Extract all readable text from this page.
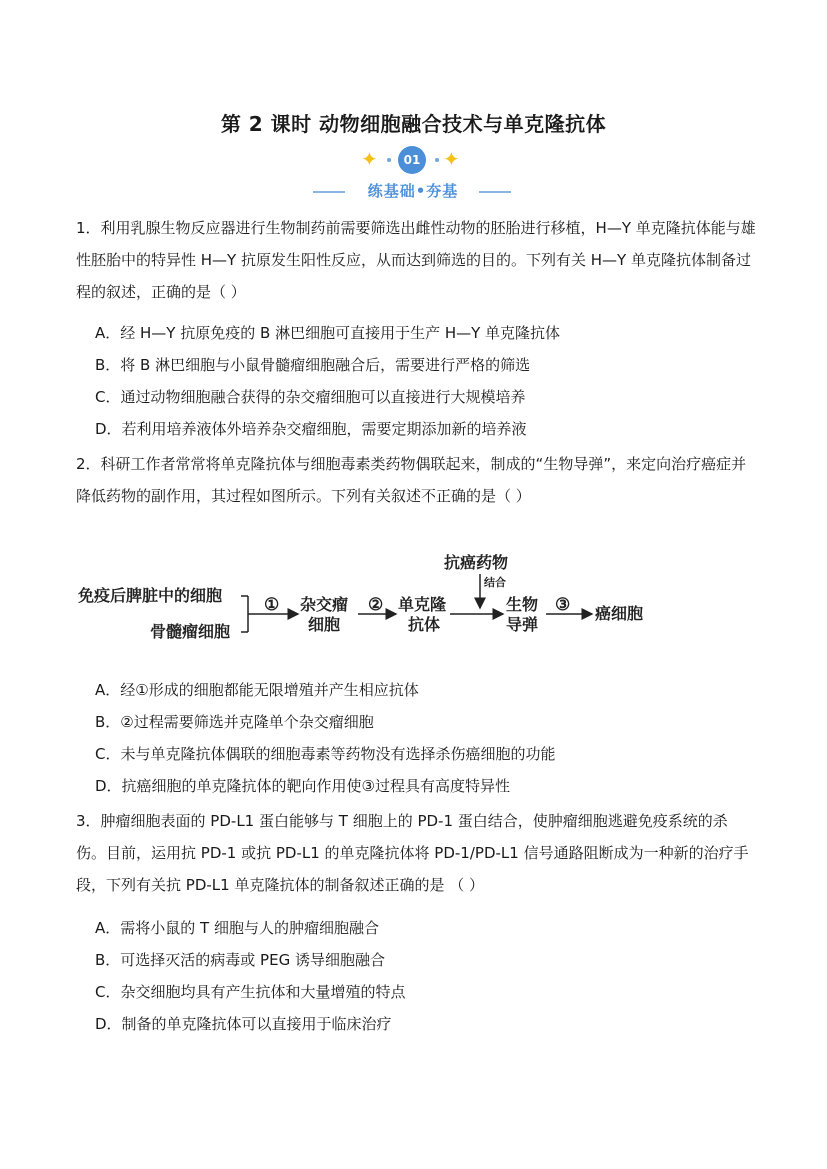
第 2 课时 动物细胞融合技术与单克隆抗体
✦	01 ✦
练基础•夯基
1．利用乳腺生物反应器进行生物制药前需要筛选出雌性动物的胚胎进行移植，H—Y 单克隆抗体能与雄性胚胎中的特异性 H—Y 抗原发生阳性反应，从而达到筛选的目的。下列有关 H—Y 单克隆抗体制备过程的叙述，正确的是（ ）
A．经 H—Y 抗原免疫的 B 淋巴细胞可直接用于生产 H—Y 单克隆抗体
B．将 B 淋巴细胞与小鼠骨髓瘤细胞融合后，需要进行严格的筛选
C．通过动物细胞融合获得的杂交瘤细胞可以直接进行大规模培养
D．若利用培养液体外培养杂交瘤细胞，需要定期添加新的培养液
2．科研工作者常常将单克隆抗体与细胞毒素类药物偶联起来，制成的“生物导弹”，来定向治疗癌症并降低药物的副作用，其过程如图所示。下列有关叙述不正确的是（ ）
免疫后脾脏中的细胞
骨髓瘤细胞
① 杂交瘤
细胞
② 单克隆
抗体
抗癌药物
结合
生物
导弹
③ 癌细胞
A．经①形成的细胞都能无限增殖并产生相应抗体
B．②过程需要筛选并克隆单个杂交瘤细胞
C．未与单克隆抗体偶联的细胞毒素等药物没有选择杀伤癌细胞的功能
D．抗癌细胞的单克隆抗体的靶向作用使③过程具有高度特异性
3．肿瘤细胞表面的 PD-L1 蛋白能够与 T 细胞上的 PD-1 蛋白结合，使肿瘤细胞逃避免疫系统的杀伤。目前，运用抗 PD-1 或抗 PD-L1 的单克隆抗体将 PD-1/PD-L1 信号通路阻断成为一种新的治疗手段，下列有关抗 PD-L1 单克隆抗体的制备叙述正确的是 （ ）
A．需将小鼠的 T 细胞与人的肿瘤细胞融合
B．可选择灭活的病毒或 PEG 诱导细胞融合
C．杂交细胞均具有产生抗体和大量增殖的特点
D．制备的单克隆抗体可以直接用于临床治疗
